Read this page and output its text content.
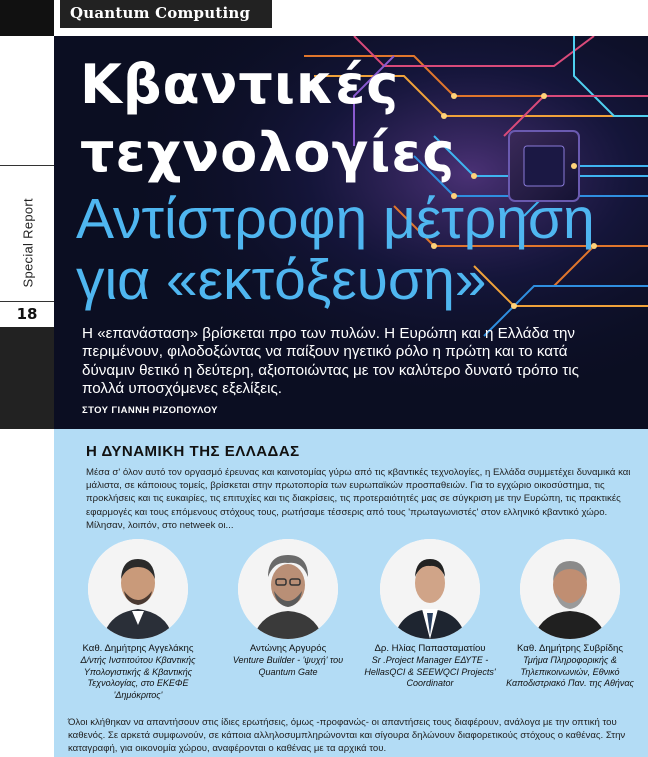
Special Report
18
Quantum Computing
Κβαντικές
τεχνολογίες
Αντίστροφη μέτρηση
για «εκτόξευση»
Η «επανάσταση» βρίσκεται προ των πυλών. Η Ευρώπη και η Ελλάδα την περιμένουν, φιλοδοξώντας να παίξουν ηγετικό ρόλο η πρώτη και το κατά δύναμιν θετικό η δεύτερη, αξιοποιώντας με τον καλύτερο δυνατό τρόπο τις πολλά υποσχόμενες εξελίξεις.
ΣΤΟΥ ΓΙΑΝΝΗ ΡΙΖΟΠΟΥΛΟΥ
Η ΔΥΝΑΜΙΚΗ ΤΗΣ ΕΛΛΑΔΑΣ
Μέσα σ' όλον αυτό τον οργασμό έρευνας και καινοτομίας γύρω από τις κβαντικές τεχνολογίες, η Ελλάδα συμμετέχει δυναμικά και μάλιστα, σε κάποιους τομείς, βρίσκεται στην πρωτοπορία των ευρωπαϊκών προσπαθειών. Για το εγχώριο οικοσύστημα, τις προκλήσεις και τις ευκαιρίες, τις επιτυχίες και τις διακρίσεις, τις προτεραιότητές μας σε σύγκριση με την Ευρώπη, τις πρακτικές εφαρμογές και τους επόμενους στόχους τους, ρωτήσαμε τέσσερις από τους 'πρωταγωνιστές' στον ελληνικό κβαντικό χώρο. Μίλησαν, λοιπόν, στο netweek οι...
Καθ. Δημήτρης Αγγελάκης
Δ/ντής Ινστιτούτου Κβαντικής Υπολογιστικής & Κβαντικής Τεχνολογίας, στο ΕΚΕΦΕ 'Δημόκριτος'
Αντώνης Αργυρός
Venture Builder - 'ψυχή' του Quantum Gate
Δρ. Ηλίας Παπασταματίου
Sr .Project Manager ΕΔΥΤΕ - HellasQCI & SEEWQCI Projects' Coordinator
Καθ. Δημήτρης Συβρίδης
Τμήμα Πληροφορικής & Τηλεπικοινωνιών, Εθνικό Καποδιστριακό Παν. της Αθήνας
Όλοι κλήθηκαν να απαντήσουν στις ίδιες ερωτήσεις, όμως -προφανώς- οι απαντήσεις τους διαφέρουν, ανάλογα με την οπτική του καθενός. Σε αρκετά συμφωνούν, σε κάποια αλληλοσυμπληρώνονται και σίγουρα δηλώνουν διαφορετικούς στόχους ο καθένας. Στην καταγραφή, για οικονομία χώρου, αναφέρονται ο καθένας με τα αρχικά του.
